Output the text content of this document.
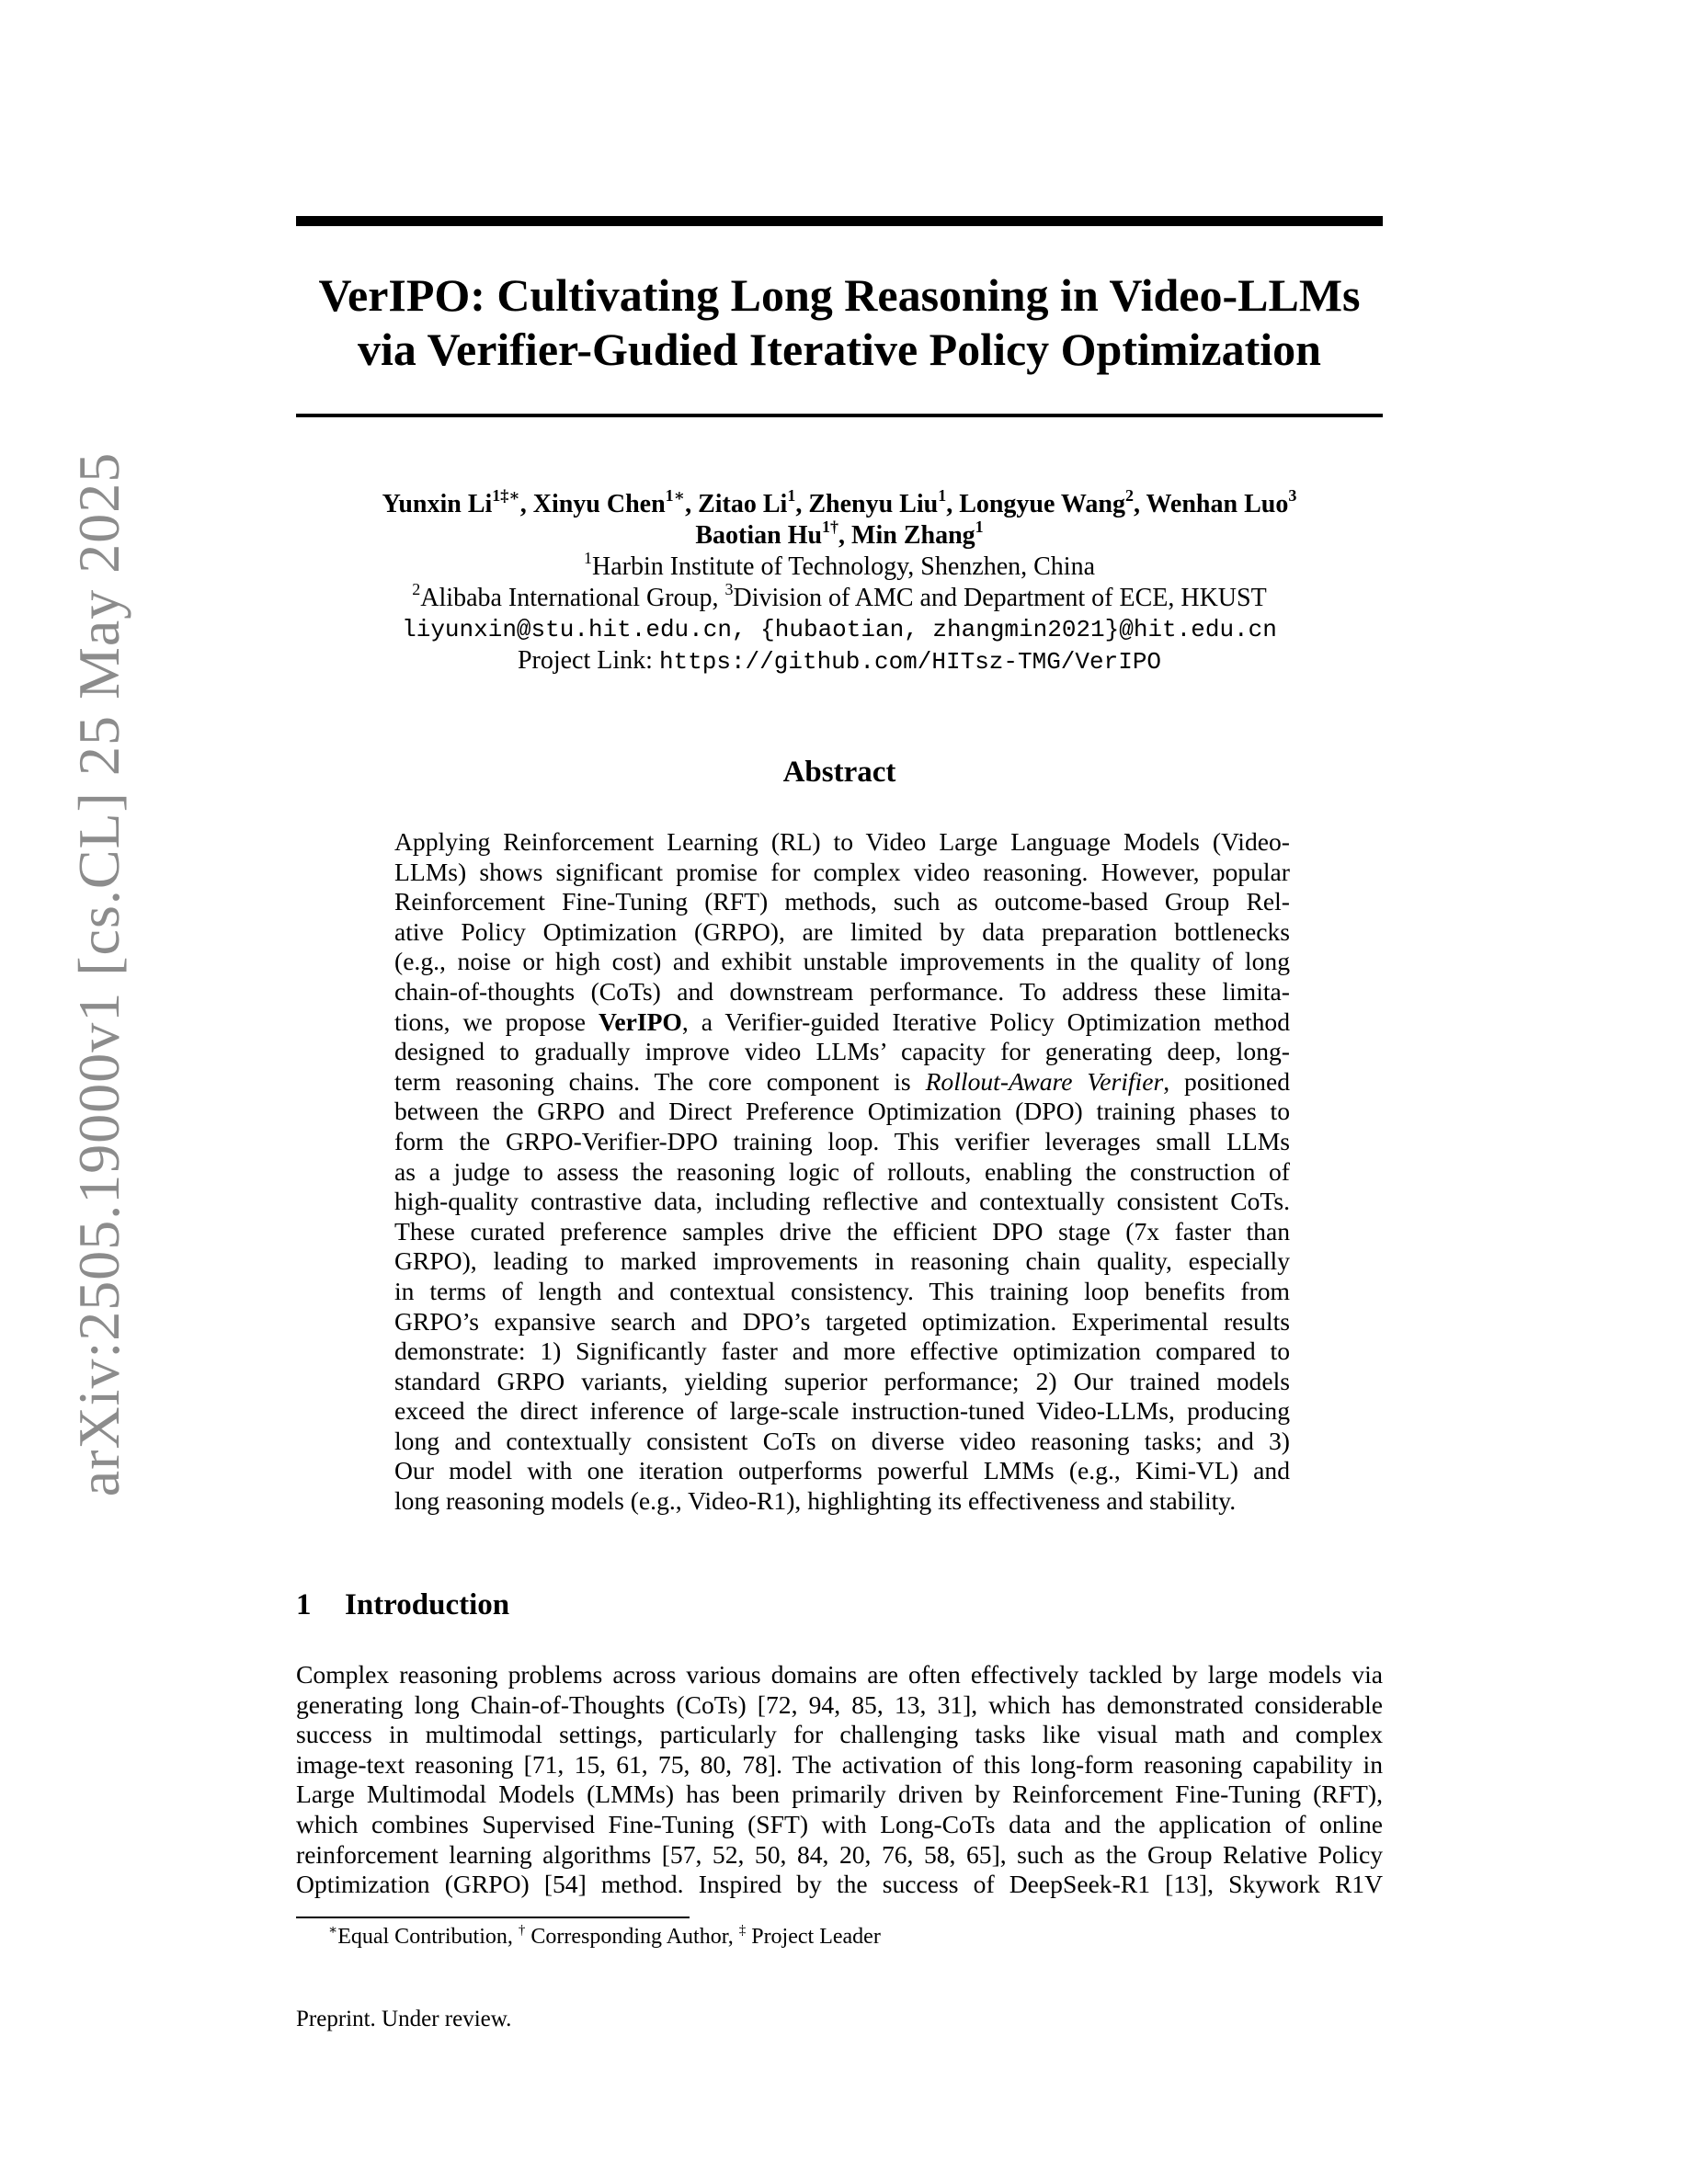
arXiv:2505.19000v1 [cs.CL] 25 May 2025
VerIPO: Cultivating Long Reasoning in Video-LLMs
via Verifier-Gudied Iterative Policy Optimization
Yunxin $Li^{1\ddagger∗}$, Xinyu Chen$^{1∗}$, Zitao Li$^1$, Zhenyu Liu$^1$, Longyue Wang$^2$, Wenhan Luo$^3$
Baotian $Hu^{1\dagger}$, Min Zhang$^1$
$^1$Harbin Institute of Technology, Shenzhen, China
$^2$Alibaba International Group, $^3$Division of AMC and Department of ECE, HKUST
liyunxin@stu.hit.edu.cn, {hubaotian, zhangmin2021}@hit.edu.cn
Project Link: https://github.com/HITsz-TMG/VerIPO
Abstract
Applying Reinforcement Learning (RL) to Video Large Language Models (Video-
LLMs) shows significant promise for complex video reasoning. However, popular
Reinforcement Fine-Tuning (RFT) methods, such as outcome-based Group Rel-
ative Policy Optimization (GRPO), are limited by data preparation bottlenecks
(e.g., noise or high cost) and exhibit unstable improvements in the quality of long
chain-of-thoughts (CoTs) and downstream performance. To address these limita-
tions, we propose VerIPO, a Verifier-guided Iterative Policy Optimization method
designed to gradually improve video LLMs’ capacity for generating deep, long-
term reasoning chains. The core component is Rollout-Aware Verifier, positioned
between the GRPO and Direct Preference Optimization (DPO) training phases to
form the GRPO-Verifier-DPO training loop. This verifier leverages small LLMs
as a judge to assess the reasoning logic of rollouts, enabling the construction of
high-quality contrastive data, including reflective and contextually consistent CoTs.
These curated preference samples drive the efficient DPO stage (7x faster than
GRPO), leading to marked improvements in reasoning chain quality, especially
in terms of length and contextual consistency. This training loop benefits from
GRPO’s expansive search and DPO’s targeted optimization. Experimental results
demonstrate: 1) Significantly faster and more effective optimization compared to
standard GRPO variants, yielding superior performance; 2) Our trained models
exceed the direct inference of large-scale instruction-tuned Video-LLMs, producing
long and contextually consistent CoTs on diverse video reasoning tasks; and 3)
Our model with one iteration outperforms powerful LMMs (e.g., Kimi-VL) and
long reasoning models (e.g., Video-R1), highlighting its effectiveness and stability.
1 Introduction
Complex reasoning problems across various domains are often effectively tackled by large models via
generating long Chain-of-Thoughts (CoTs) [72, 94, 85, 13, 31], which has demonstrated considerable
success in multimodal settings, particularly for challenging tasks like visual math and complex
image-text reasoning [71, 15, 61, 75, 80, 78]. The activation of this long-form reasoning capability in
Large Multimodal Models (LMMs) has been primarily driven by Reinforcement Fine-Tuning (RFT),
which combines Supervised Fine-Tuning (SFT) with Long-CoTs data and the application of online
reinforcement learning algorithms [57, 52, 50, 84, 20, 76, 58, 65], such as the Group Relative Policy
Optimization (GRPO) [54] method. Inspired by the success of DeepSeek-R1 [13], Skywork R1V
∗Equal Contribution, † Corresponding Author, ‡ Project Leader
Preprint. Under review.
